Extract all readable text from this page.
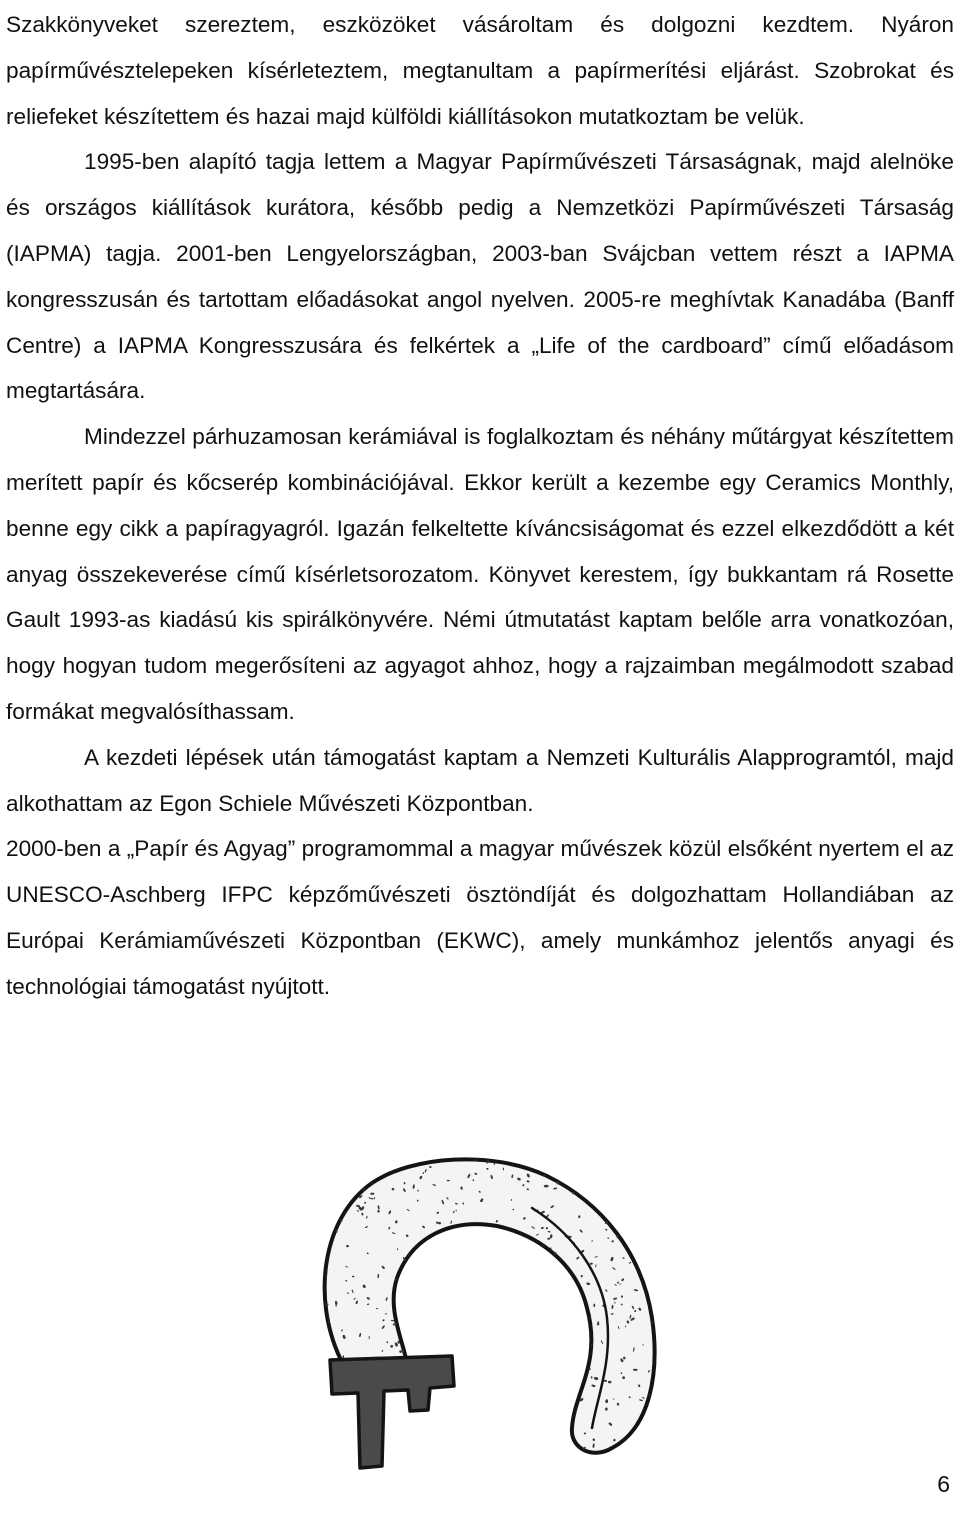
Szakkönyveket szereztem, eszközöket vásároltam és dolgozni kezdtem. Nyáron papírművésztelepeken kísérleteztem, megtanultam a papírmerítési eljárást. Szobrokat és reliefeket készítettem és hazai majd külföldi kiállításokon mutatkoztam be velük.

1995-ben alapító tagja lettem a Magyar Papírművészeti Társaságnak, majd alelnöke és országos kiállítások kurátora, később pedig a Nemzetközi Papírművészeti Társaság (IAPMA) tagja. 2001-ben Lengyelországban, 2003-ban Svájcban vettem részt a IAPMA kongresszusán és tartottam előadásokat angol nyelven. 2005-re meghívtak Kanadába (Banff Centre) a IAPMA Kongresszusára és felkértek a „Life of the cardboard” című előadásom megtartására.

Mindezzel párhuzamosan kerámiával is foglalkoztam és néhány műtárgyat készítettem merített papír és kőcserép kombinációjával. Ekkor került a kezembe egy Ceramics Monthly, benne egy cikk a papíragyagról. Igazán felkeltette kíváncsiságomat és ezzel elkezdődött a két anyag összekeverése című kísérletsorozatom. Könyvet kerestem, így bukkantam rá Rosette Gault 1993-as kiadású kis spirálkönyvére. Némi útmutatást kaptam belőle arra vonatkozóan, hogy hogyan tudom megerősíteni az agyagot ahhoz, hogy a rajzaimban megálmodott szabad formákat megvalósíthassam.

A kezdeti lépések után támogatást kaptam a Nemzeti Kulturális Alapprogramtól, majd alkothattam az Egon Schiele Művészeti Központban.

2000-ben a „Papír és Agyag” programommal a magyar művészek közül elsőként nyertem el az UNESCO-Aschberg IFPC képzőművészeti ösztöndíját és dolgozhattam Hollandiában az Európai Kerámiaművészeti Központban (EKWC), amely munkámhoz jelentős anyagi és technológiai támogatást nyújtott.

6
